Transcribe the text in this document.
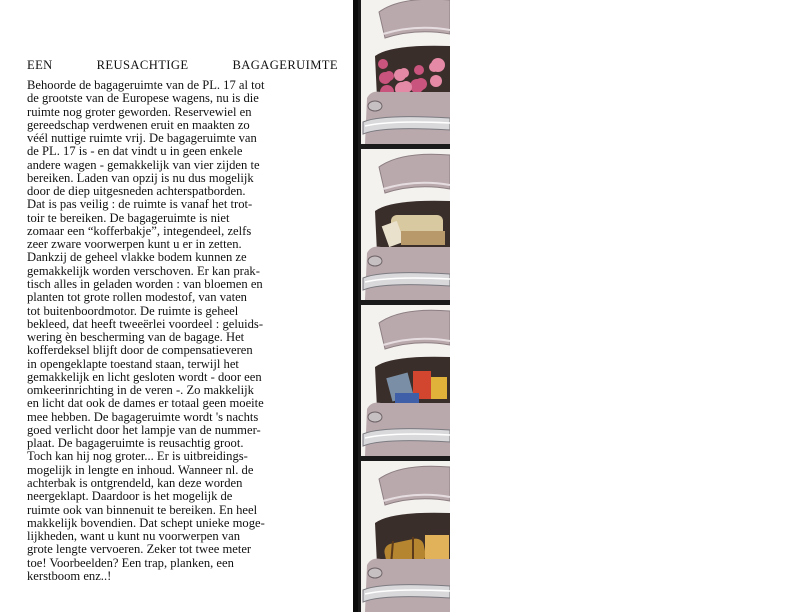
EEN REUSACHTIGE BAGAGERUIMTE
Behoorde de bagageruimte van de PL. 17 al tot
de grootste van de Europese wagens, nu is die
ruimte nog groter geworden. Reservewiel en
gereedschap verdwenen eruit en maakten zo
véél nuttige ruimte vrij. De bagageruimte van
de PL. 17 is - en dat vindt u in geen enkele
andere wagen - gemakkelijk van vier zijden te
bereiken. Laden van opzij is nu dus mogelijk
door de diep uitgesneden achterspatborden.
Dat is pas veilig : de ruimte is vanaf het trot-
toir te bereiken. De bagageruimte is niet
zomaar een “kofferbakje”, integendeel, zelfs
zeer zware voorwerpen kunt u er in zetten.
Dankzij de geheel vlakke bodem kunnen ze
gemakkelijk worden verschoven. Er kan prak-
tisch alles in geladen worden : van bloemen en
planten tot grote rollen modestof, van vaten
tot buitenboordmotor. De ruimte is geheel
bekleed, dat heeft tweeërlei voordeel : geluids-
wering èn bescherming van de bagage. Het
kofferdeksel blijft door de compensatieveren
in opengeklapte toestand staan, terwijl het
gemakkelijk en licht gesloten wordt - door een
omkeerinrichting in de veren -. Zo makkelijk
en licht dat ook de dames er totaal geen moeite
mee hebben. De bagageruimte wordt 's nachts
goed verlicht door het lampje van de nummer-
plaat. De bagageruimte is reusachtig groot.
Toch kan hij nog groter... Er is uitbreidings-
mogelijk in lengte en inhoud. Wanneer nl. de
achterbak is ontgrendeld, kan deze worden
neergeklapt. Daardoor is het mogelijk de
ruimte ook van binnenuit te bereiken. En heel
makkelijk bovendien. Dat schept unieke moge-
lijkheden, want u kunt nu voorwerpen van
grote lengte vervoeren. Zeker tot twee meter
toe! Voorbeelden? Een trap, planken, een
kerstboom enz..!
